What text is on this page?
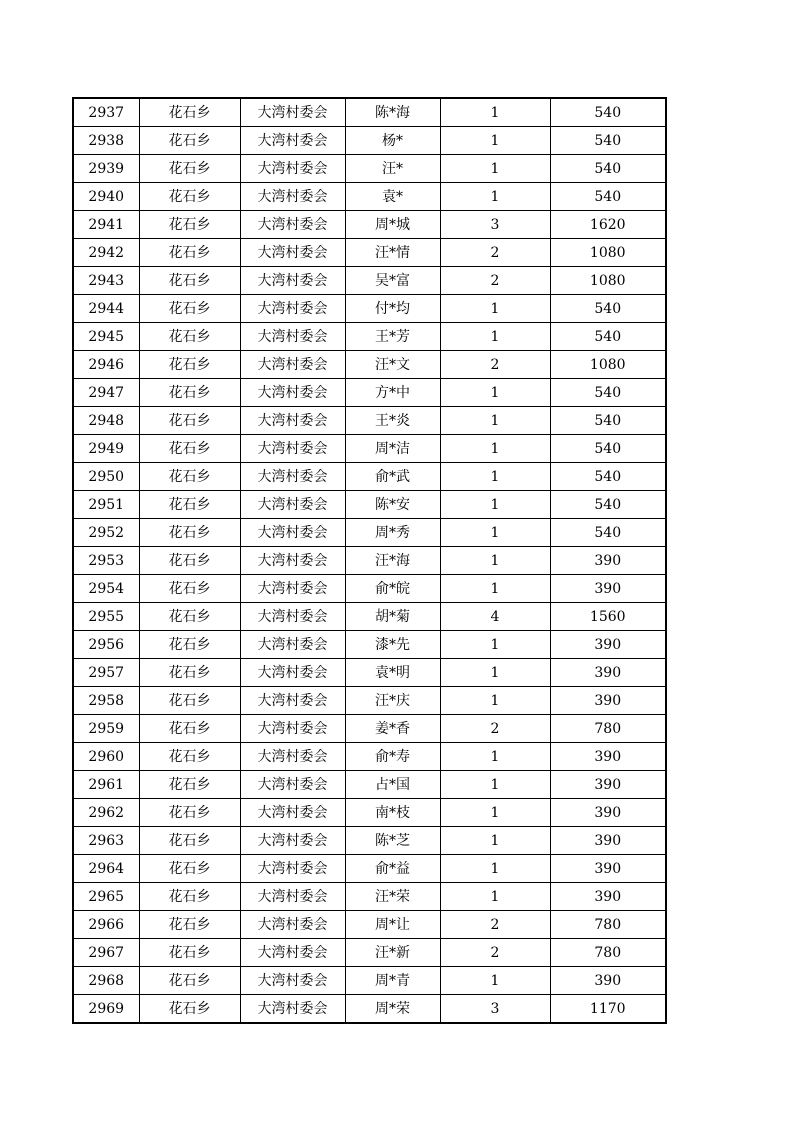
2937	花石乡	大湾村委会	陈*海	1	540
2938	花石乡	大湾村委会	杨*	1	540
2939	花石乡	大湾村委会	汪*	1	540
2940	花石乡	大湾村委会	袁*	1	540
2941	花石乡	大湾村委会	周*城	3	1620
2942	花石乡	大湾村委会	汪*情	2	1080
2943	花石乡	大湾村委会	吴*富	2	1080
2944	花石乡	大湾村委会	付*均	1	540
2945	花石乡	大湾村委会	王*芳	1	540
2946	花石乡	大湾村委会	汪*文	2	1080
2947	花石乡	大湾村委会	方*中	1	540
2948	花石乡	大湾村委会	王*炎	1	540
2949	花石乡	大湾村委会	周*洁	1	540
2950	花石乡	大湾村委会	俞*武	1	540
2951	花石乡	大湾村委会	陈*安	1	540
2952	花石乡	大湾村委会	周*秀	1	540
2953	花石乡	大湾村委会	汪*海	1	390
2954	花石乡	大湾村委会	俞*皖	1	390
2955	花石乡	大湾村委会	胡*菊	4	1560
2956	花石乡	大湾村委会	漆*先	1	390
2957	花石乡	大湾村委会	袁*明	1	390
2958	花石乡	大湾村委会	汪*庆	1	390
2959	花石乡	大湾村委会	姜*香	2	780
2960	花石乡	大湾村委会	俞*寿	1	390
2961	花石乡	大湾村委会	占*国	1	390
2962	花石乡	大湾村委会	南*枝	1	390
2963	花石乡	大湾村委会	陈*芝	1	390
2964	花石乡	大湾村委会	俞*益	1	390
2965	花石乡	大湾村委会	汪*荣	1	390
2966	花石乡	大湾村委会	周*让	2	780
2967	花石乡	大湾村委会	汪*新	2	780
2968	花石乡	大湾村委会	周*青	1	390
2969	花石乡	大湾村委会	周*荣	3	1170
